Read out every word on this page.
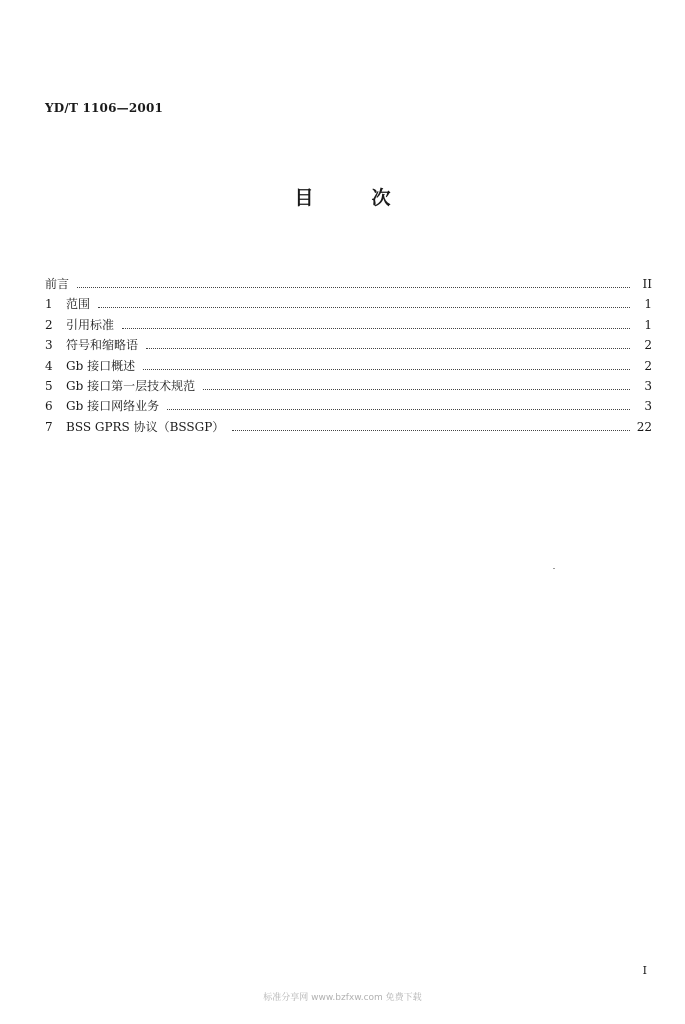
YD/T 1106—2001
目	次
前言	II
1	范围	1
2	引用标准	1
3	符号和缩略语	2
4	Gb 接口概述	2
5	Gb 接口第一层技术规范	3
6	Gb 接口网络业务	3
7	BSS GPRS 协议（BSSGP）	22
I
标准分享网 www.bzfxw.com 免费下载
